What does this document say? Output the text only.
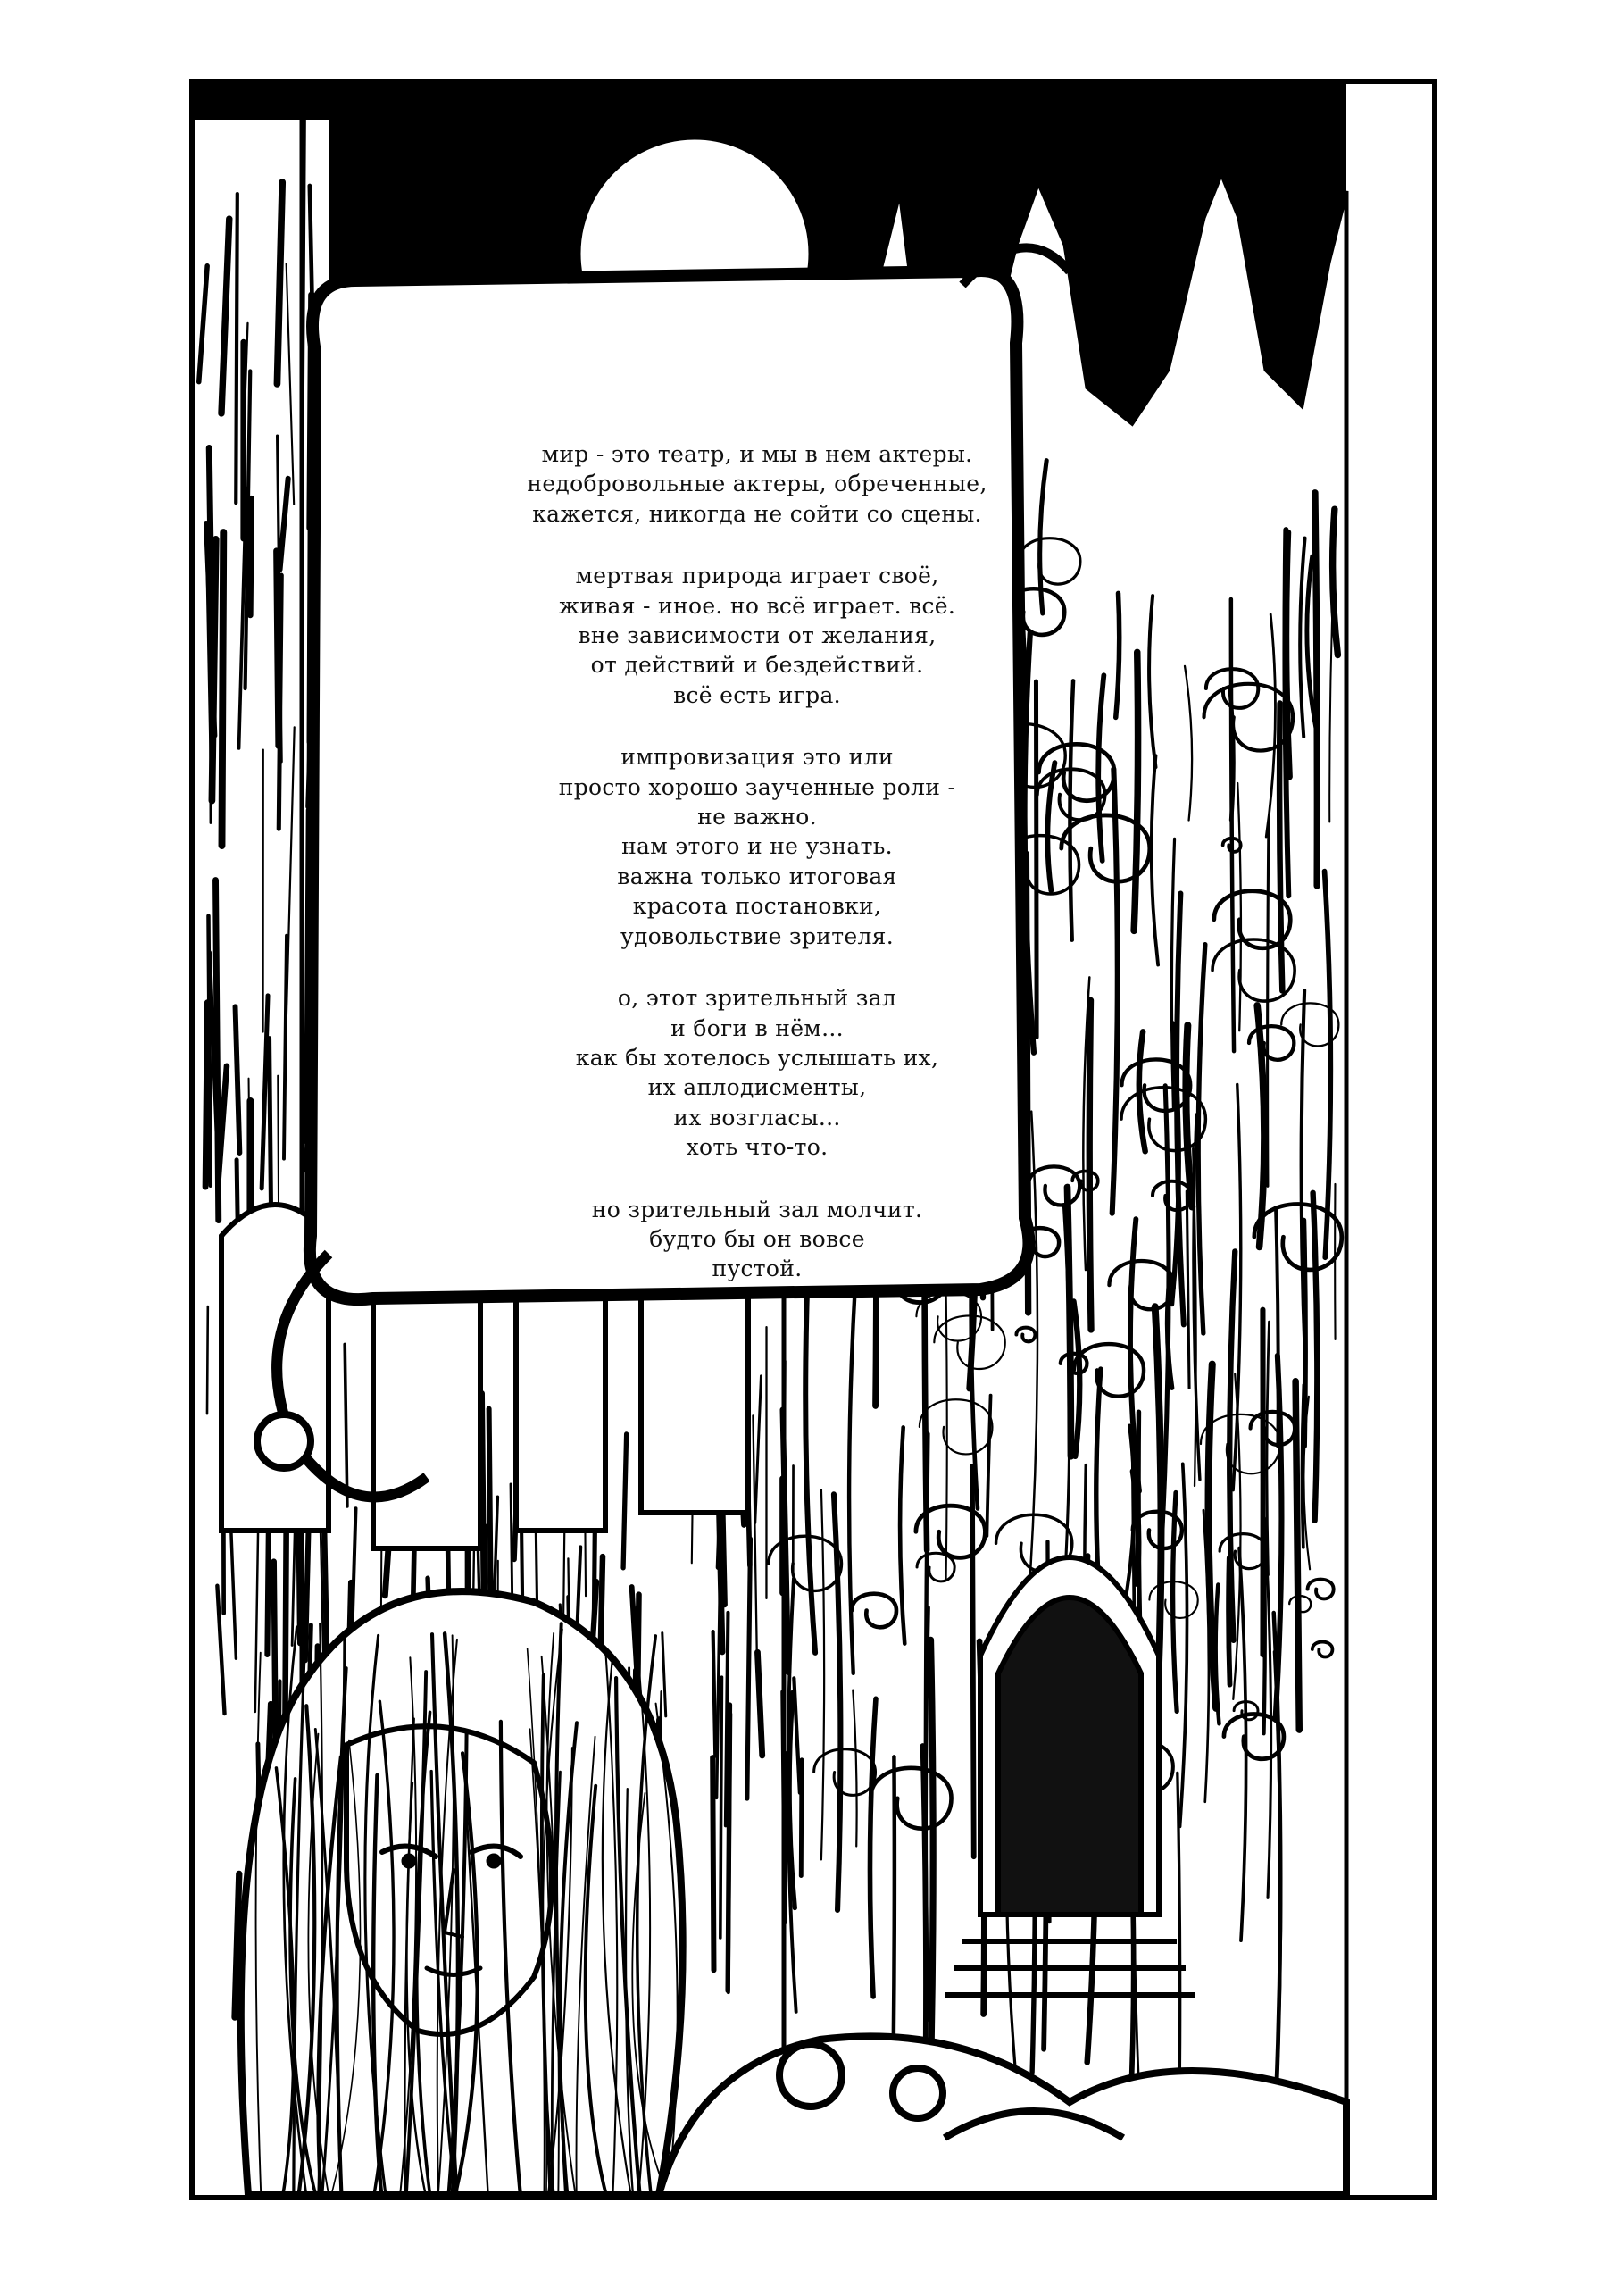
мир - это театр, и мы в нем актеры.
недобровольные актеры, обреченные,
кажется, никогда не сойти со сцены.
мертвая природа играет своё,
живая - иное. но всё играет. всё.
вне зависимости от желания,
от действий и бездействий.
всё есть игра.
импровизация это или
просто хорошо заученные роли -
не важно.
нам этого и не узнать.
важна только итоговая
красота постановки,
удовольствие зрителя.
о, этот зрительный зал
и боги в нём...
как бы хотелось услышать их,
их аплодисменты,
их возгласы...
хоть что-то.
но зрительный зал молчит.
будто бы он вовсе
пустой.
